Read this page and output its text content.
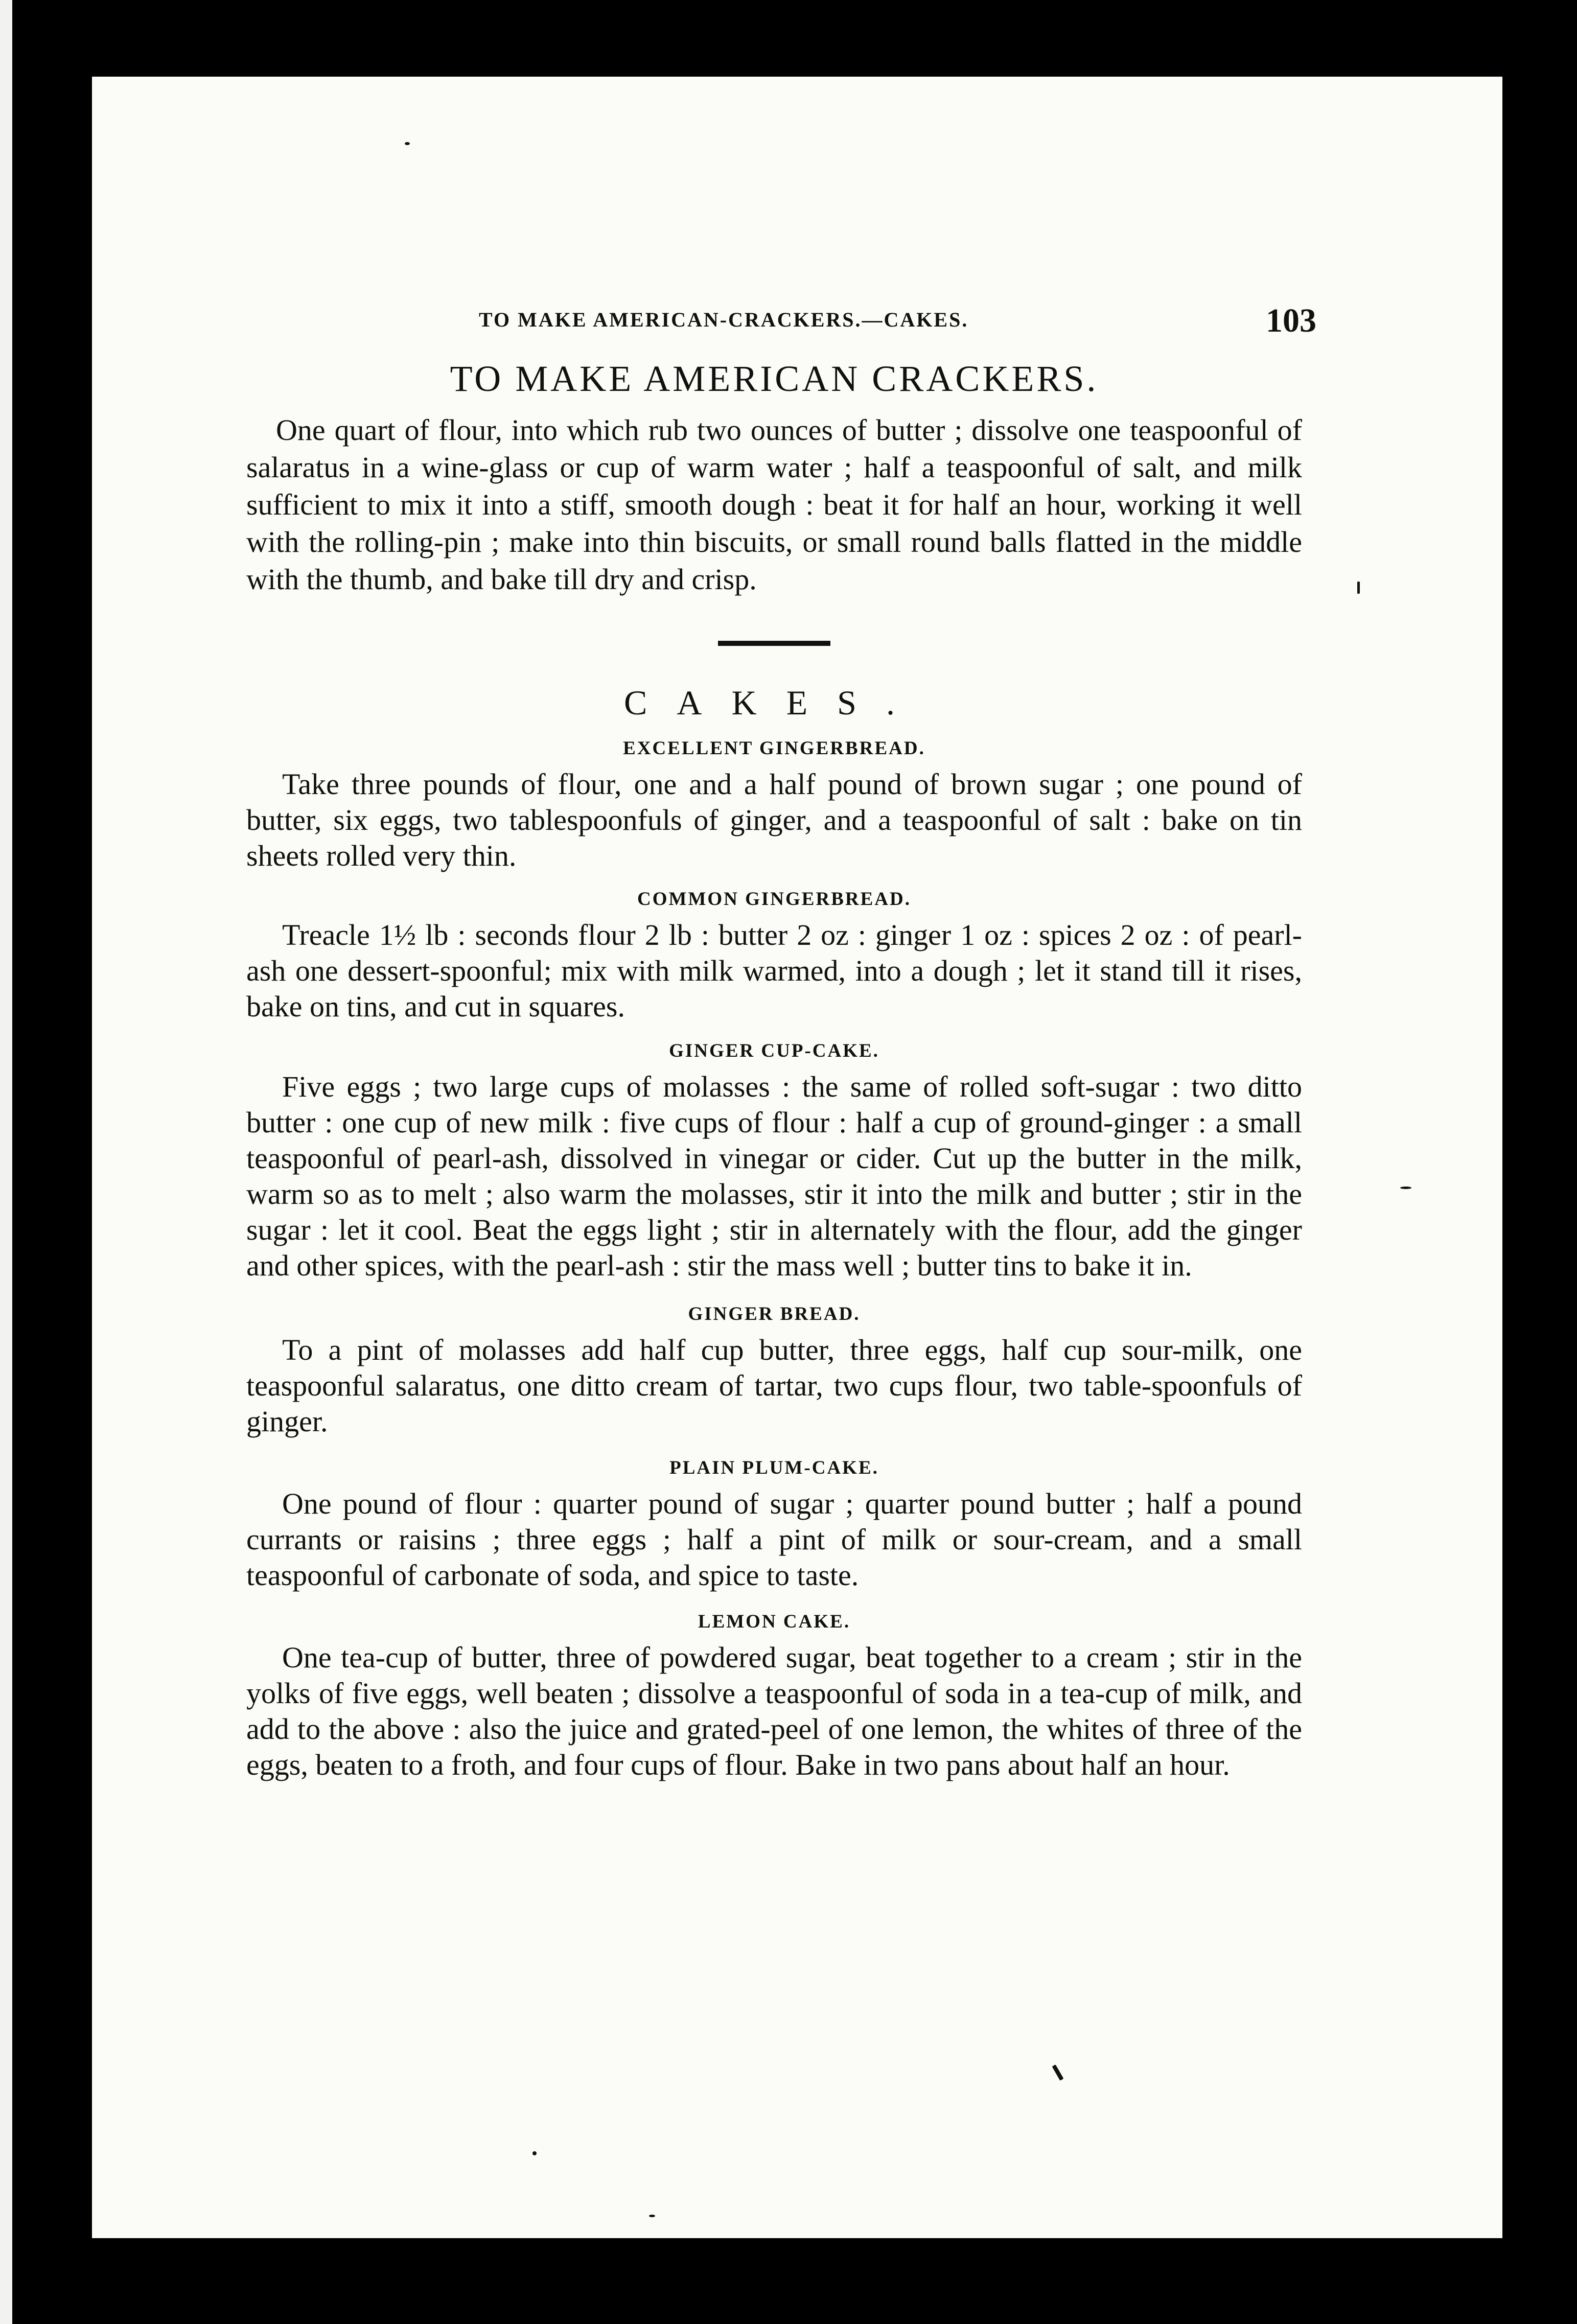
TO MAKE AMERICAN-CRACKERS.—CAKES.	103
TO MAKE AMERICAN CRACKERS.

One quart of flour, into which rub two ounces of butter ; dissolve one teaspoonful of salaratus in a wine-glass or cup of warm water ; half a teaspoonful of salt, and milk sufficient to mix it into a stiff, smooth dough : beat it for half an hour, working it well with the rolling-pin ; make into thin biscuits, or small round balls flatted in the middle with the thumb, and bake till dry and crisp.

CAKES.
EXCELLENT GINGERBREAD.

Take three pounds of flour, one and a half pound of brown sugar ; one pound of butter, six eggs, two tablespoonfuls of ginger, and a teaspoonful of salt : bake on tin sheets rolled very thin.

COMMON GINGERBREAD.

Treacle 1½ lb : seconds flour 2 lb : butter 2 oz : ginger 1 oz : spices 2 oz : of pearl-ash one dessert-spoonful; mix with milk warmed, into a dough ; let it stand till it rises, bake on tins, and cut in squares.

GINGER CUP-CAKE.

Five eggs ; two large cups of molasses : the same of rolled soft-sugar : two ditto butter : one cup of new milk : five cups of flour : half a cup of ground-ginger : a small teaspoonful of pearl-ash, dissolved in vinegar or cider. Cut up the butter in the milk, warm so as to melt ; also warm the molasses, stir it into the milk and butter ; stir in the sugar : let it cool. Beat the eggs light ; stir in alternately with the flour, add the ginger and other spices, with the pearl-ash : stir the mass well ; butter tins to bake it in.

GINGER BREAD.

To a pint of molasses add half cup butter, three eggs, half cup sour-milk, one teaspoonful salaratus, one ditto cream of tartar, two cups flour, two table-spoonfuls of ginger.

PLAIN PLUM-CAKE.

One pound of flour : quarter pound of sugar ; quarter pound butter ; half a pound currants or raisins ; three eggs ; half a pint of milk or sour-cream, and a small teaspoonful of carbonate of soda, and spice to taste.

LEMON CAKE.

One tea-cup of butter, three of powdered sugar, beat together to a cream ; stir in the yolks of five eggs, well beaten ; dissolve a teaspoonful of soda in a tea-cup of milk, and add to the above : also the juice and grated-peel of one lemon, the whites of three of the eggs, beaten to a froth, and four cups of flour. Bake in two pans about half an hour.
